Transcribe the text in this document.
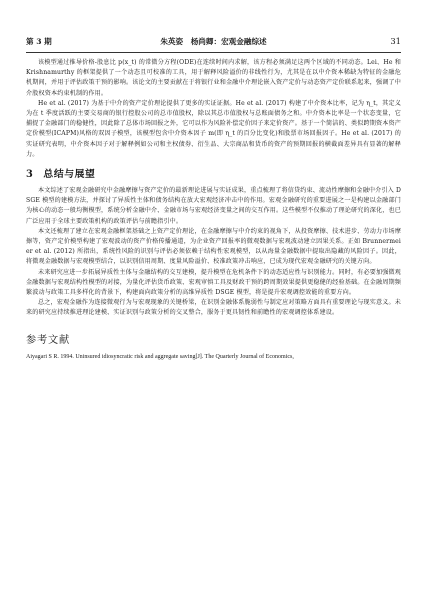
第 3 期	朱英姿　杨尚卿：宏观金融综述	31

该模型通过推导价格-股息比 p(x_t) 的常微分方程(ODE)在连续时间内求解，该方程必须满足这两个区域的不同动态。Lei、He 和 Krishnamurthy 的框架提供了一个动态且可校准的工具，用于解释风险溢价的非线性行为，尤其是在以中介资本稀缺为特征的金融危机期间，并用于评估政策干预的影响。该论文的主要贡献在于将银行业和金融中介理论嵌入资产定价与动态资产定价联系起来，强调了中介股权资本约束机制的作用。

He et al. (2017) 为基于中介的资产定价理论提供了更多的实证证据。He et al. (2017) 构建了中介资本比率，记为 η_t，其定义为在 t 季度活跃的主要交易商的银行控股公司的总市值股权，除以其总市值股权与总账面债务之和。中介资本比率是一个状态变量，它捕捉了金融部门的稳健性，因此除了总体市场回报之外，它可以作为风险补偿定价因子来定价资产。基于一个简洁的、类似跨期资本资产定价模型(ICAPM)风格的双因子模型，该模型包含中介资本因子 m(即 η_t 的百分比变化)和股票市场回报因子。He et al. (2017) 的实证研究表明，中介资本因子对于解释例如公司和主权债券、衍生品、大宗商品和货币的资产的预期回报的横截面差异具有显著的解释力。

3 总结与展望

本文综述了宏观金融研究中金融摩擦与资产定价的最新理论进展与实证成果，重点梳理了将信贷约束、流动性摩擦和金融中介引入 DSGE 模型的建模方法，并探讨了异质性主体和债务结构在放大宏观经济冲击中的作用。宏观金融研究的重要进展之一是构建以金融部门为核心的动态一般均衡模型，系统分析金融中介、金融市场与宏观经济变量之间的交互作用。这些模型不仅推动了理论研究的深化，也已广泛应用于全球主要政策机构的政策评估与前瞻指引中。

本文还梳理了建立在宏观金融框架基础之上资产定价理论，在金融摩擦与中介约束的视角下，从投资摩擦、技术进步、劳动力市场摩擦等，资产定价模型构建了宏观波动的资产价格传播通道，为企业资产回报率的微观数据与宏观波动建立因果关系。正如 Brunnermeier et al. (2012) 所指出，系统性风险的识别与评估必须依赖于结构性宏观模型，以从海量金融数据中提取出隐藏的风险因子。因此，将微观金融数据与宏观模型结合，以识别信用周期、度量风险溢价、校准政策冲击响应，已成为现代宏观金融研究的关键方向。

未来研究应进一步拓展异质性主体与金融结构的交互建模，提升模型在危机条件下的动态适应性与识别能力。同时，有必要加强微观金融数据与宏观结构性模型的对接，为量化评估货币政策、宏观审慎工具及财政干预的跨周期效果提供更稳健的经验基础。在金融周期频繁波动与政策工具多样化的背景下，构建面向政策分析的高维异质性 DSGE 模型，将是提升宏观调控效能的重要方向。

总之，宏观金融作为连接微观行为与宏观现象的关键桥梁，在识别金融体系脆弱性与制定应对策略方面具有重要理论与现实意义。未来的研究应持续推进理论建模、实证识别与政策分析的交叉整合，服务于更具韧性和前瞻性的宏观调控体系建设。

参考文献

Aiyagari S R. 1994. Uninsured idiosyncratic risk and aggregate saving[J]. The Quarterly Journal of Economics,
